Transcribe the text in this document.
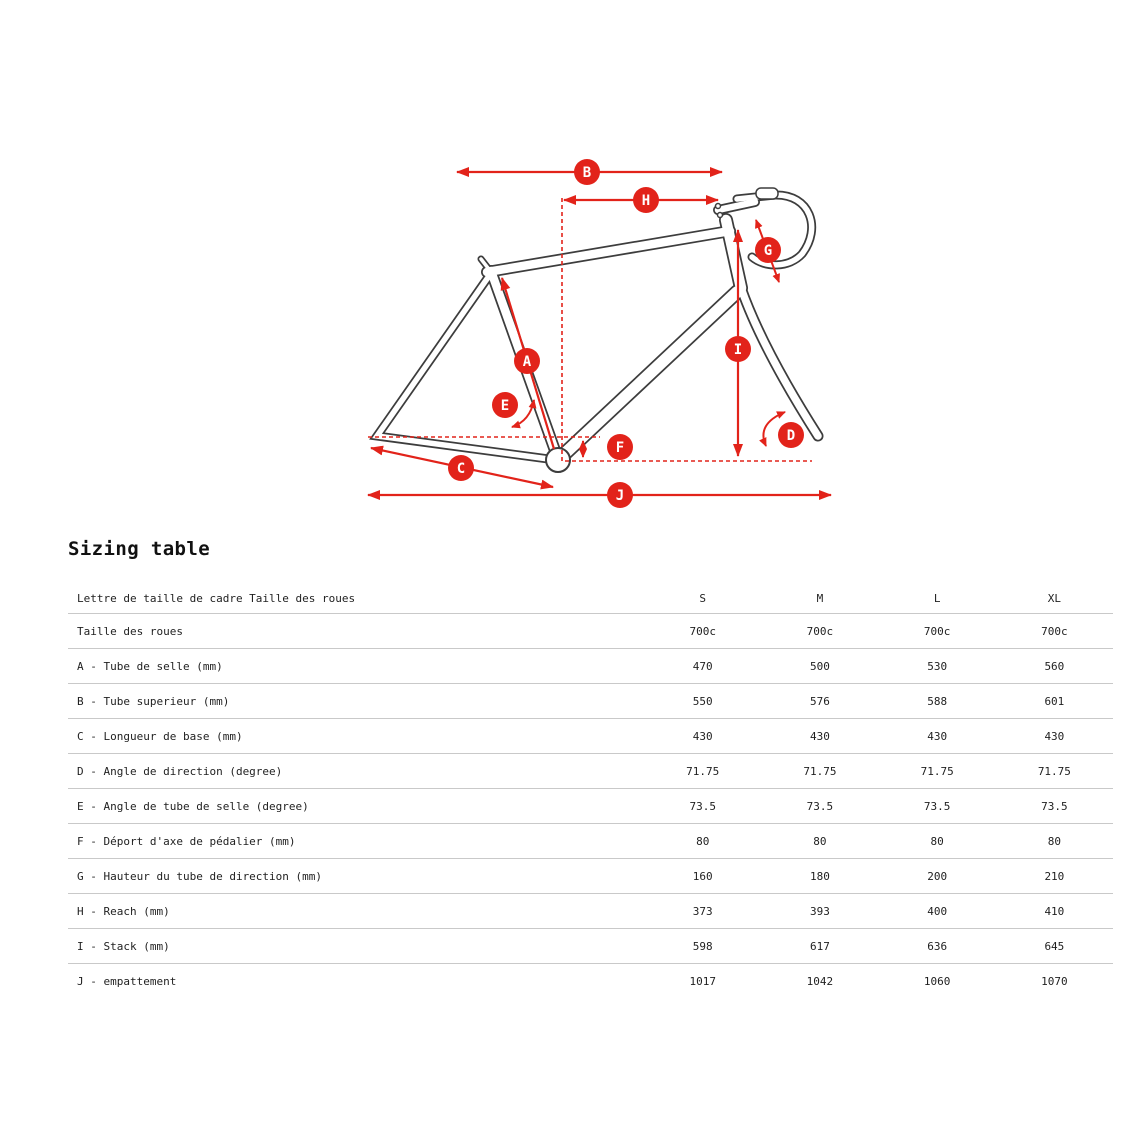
B
H
G
A
I
E
F
C
D
J
Sizing table
Lettre de taille de cadre Taille des roues	S	M	L	XL
Taille des roues	700c	700c	700c	700c
A - Tube de selle (mm)	470	500	530	560
B - Tube superieur (mm)	550	576	588	601
C - Longueur de base (mm)	430	430	430	430
D - Angle de direction (degree)	71.75	71.75	71.75	71.75
E - Angle de tube de selle (degree)	73.5	73.5	73.5	73.5
F - Déport d'axe de pédalier (mm)	80	80	80	80
G - Hauteur du tube de direction (mm)	160	180	200	210
H - Reach (mm)	373	393	400	410
I - Stack (mm)	598	617	636	645
J - empattement	1017	1042	1060	1070
